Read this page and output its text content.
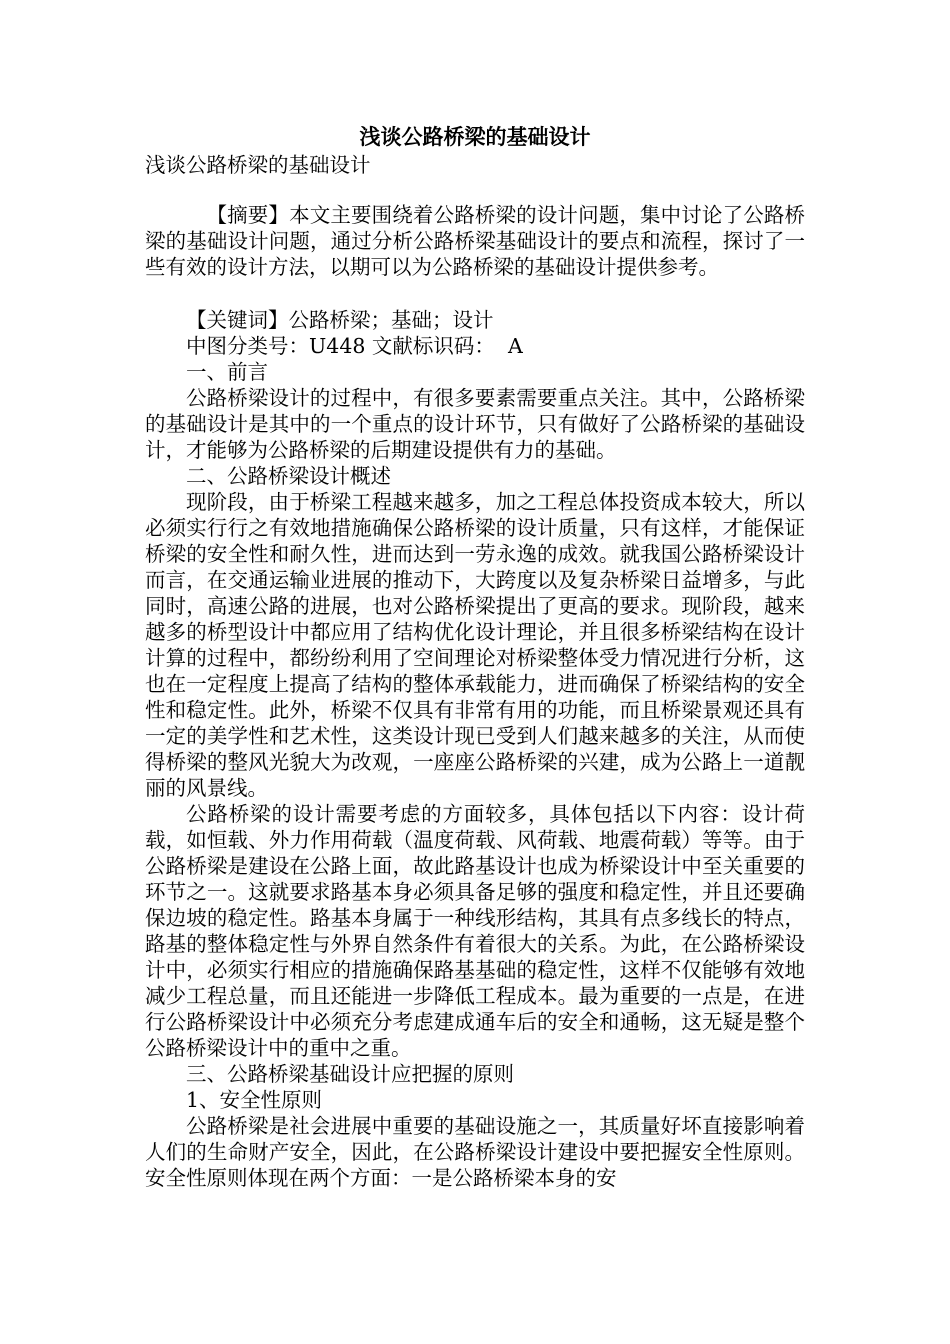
浅谈公路桥梁的基础设计

浅谈公路桥梁的基础设计

【摘要】本文主要围绕着公路桥梁的设计问题，集中讨论了公路桥梁的基础设计问题，通过分析公路桥梁基础设计的要点和流程，探讨了一些有效的设计方法，以期可以为公路桥梁的基础设计提供参考。

【关键词】公路桥梁；基础；设计

中图分类号：U448 文献标识码：  A

一、前言

公路桥梁设计的过程中，有很多要素需要重点关注。其中，公路桥梁的基础设计是其中的一个重点的设计环节，只有做好了公路桥梁的基础设计，才能够为公路桥梁的后期建设提供有力的基础。

二、公路桥梁设计概述

现阶段，由于桥梁工程越来越多，加之工程总体投资成本较大，所以必须实行行之有效地措施确保公路桥梁的设计质量，只有这样，才能保证桥梁的安全性和耐久性，进而达到一劳永逸的成效。就我国公路桥梁设计而言，在交通运输业进展的推动下，大跨度以及复杂桥梁日益增多，与此同时，高速公路的进展，也对公路桥梁提出了更高的要求。现阶段，越来越多的桥型设计中都应用了结构优化设计理论，并且很多桥梁结构在设计计算的过程中，都纷纷利用了空间理论对桥梁整体受力情况进行分析，这也在一定程度上提高了结构的整体承载能力，进而确保了桥梁结构的安全性和稳定性。此外，桥梁不仅具有非常有用的功能，而且桥梁景观还具有一定的美学性和艺术性，这类设计现已受到人们越来越多的关注，从而使得桥梁的整风光貌大为改观，一座座公路桥梁的兴建，成为公路上一道靓丽的风景线。

公路桥梁的设计需要考虑的方面较多，具体包括以下内容：设计荷载，如恒载、外力作用荷载（温度荷载、风荷载、地震荷载）等等。由于公路桥梁是建设在公路上面，故此路基设计也成为桥梁设计中至关重要的环节之一。这就要求路基本身必须具备足够的强度和稳定性，并且还要确保边坡的稳定性。路基本身属于一种线形结构，其具有点多线长的特点，路基的整体稳定性与外界自然条件有着很大的关系。为此，在公路桥梁设计中，必须实行相应的措施确保路基基础的稳定性，这样不仅能够有效地减少工程总量，而且还能进一步降低工程成本。最为重要的一点是，在进行公路桥梁设计中必须充分考虑建成通车后的安全和通畅，这无疑是整个公路桥梁设计中的重中之重。

三、公路桥梁基础设计应把握的原则

1、安全性原则

公路桥梁是社会进展中重要的基础设施之一，其质量好坏直接影响着人们的生命财产安全，因此，在公路桥梁设计建设中要把握安全性原则。安全性原则体现在两个方面：一是公路桥梁本身的安
